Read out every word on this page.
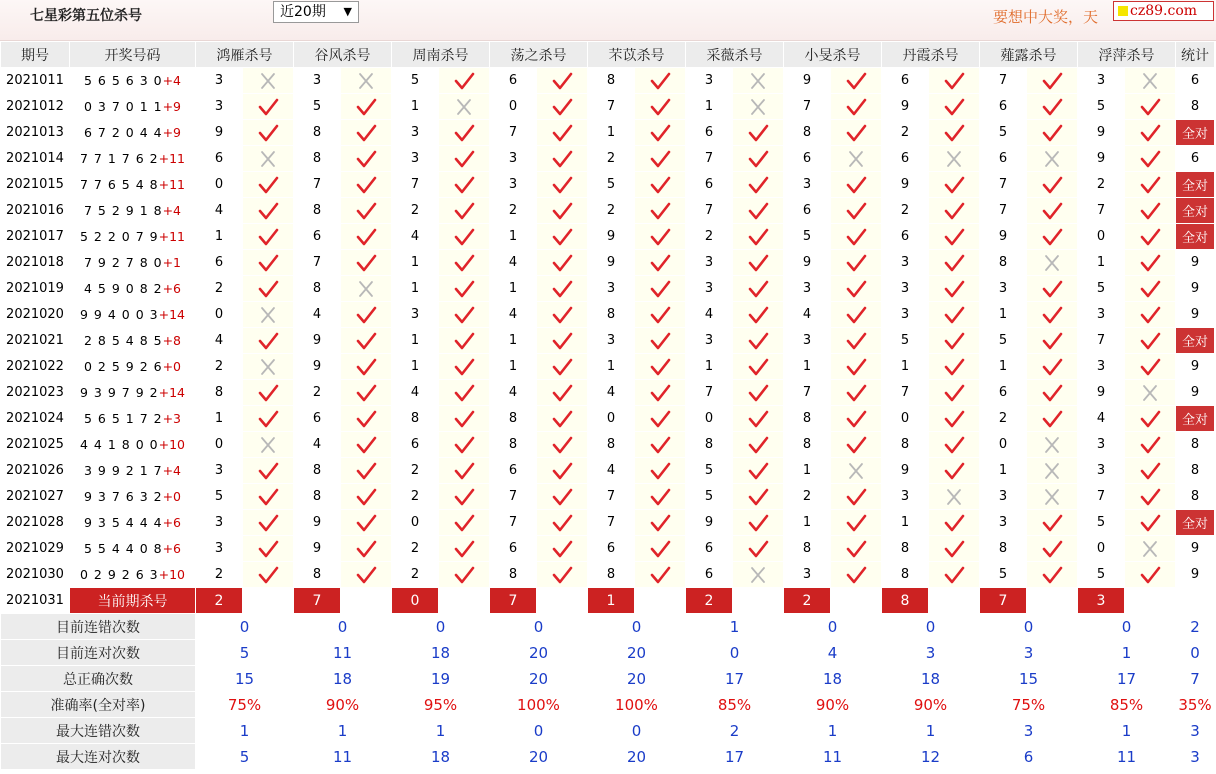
七星彩第五位杀号	近20期 ▼	要想中大奖，天	cz89.com
期号	开奖号码	鸿雁杀号		谷风杀号		周南杀号		荡之杀号		芣苡杀号		采薇杀号		小旻杀号		丹霞杀号		薤露杀号		浮萍杀号		统计
2021011	5 6 5 6 3 0+4	3		3		5		6		8		3		9		6		7		3		6
2021012	0 3 7 0 1 1+9	3		5		1		0		7		1		7		9		6		5		8
2021013	6 7 2 0 4 4+9	9		8		3		7		1		6		8		2		5		9		全对
2021014	7 7 1 7 6 2+11	6		8		3		3		2		7		6		6		6		9		6
2021015	7 7 6 5 4 8+11	0		7		7		3		5		6		3		9		7		2		全对
2021016	7 5 2 9 1 8+4	4		8		2		2		2		7		6		2		7		7		全对
2021017	5 2 2 0 7 9+11	1		6		4		1		9		2		5		6		9		0		全对
2021018	7 9 2 7 8 0+1	6		7		1		4		9		3		9		3		8		1		9
2021019	4 5 9 0 8 2+6	2		8		1		1		3		3		3		3		3		5		9
2021020	9 9 4 0 0 3+14	0		4		3		4		8		4		4		3		1		3		9
2021021	2 8 5 4 8 5+8	4		9		1		1		3		3		3		5		5		7		全对
2021022	0 2 5 9 2 6+0	2		9		1		1		1		1		1		1		1		3		9
2021023	9 3 9 7 9 2+14	8		2		4		4		4		7		7		7		6		9		9
2021024	5 6 5 1 7 2+3	1		6		8		8		0		0		8		0		2		4		全对
2021025	4 4 1 8 0 0+10	0		4		6		8		8		8		8		8		0		3		8
2021026	3 9 9 2 1 7+4	3		8		2		6		4		5		1		9		1		3		8
2021027	9 3 7 6 3 2+0	5		8		2		7		7		5		2		3		3		7		8
2021028	9 3 5 4 4 4+6	3		9		0		7		7		9		1		1		3		5		全对
2021029	5 5 4 4 0 8+6	3		9		2		6		6		6		8		8		8		0		9
2021030	0 2 9 2 6 3+10	2		8		2		8		8		6		3		8		5		5		9
2021031	当前期杀号	2		7		0		7		1		2		2		8		7		3		
目前连错次数		0		0		0		0		0		1		0		0		0		0		2
目前连对次数		5		11		18		20		20		0		4		3		3		1		0
总正确次数		15		18		19		20		20		17		18		18		15		17		7
准确率(全对率)		75%		90%		95%		100%		100%		85%		90%		90%		75%		85%		35%
最大连错次数		1		1		1		0		0		2		1		1		3		1		3
最大连对次数		5		11		18		20		20		17		11		12		6		11		3
